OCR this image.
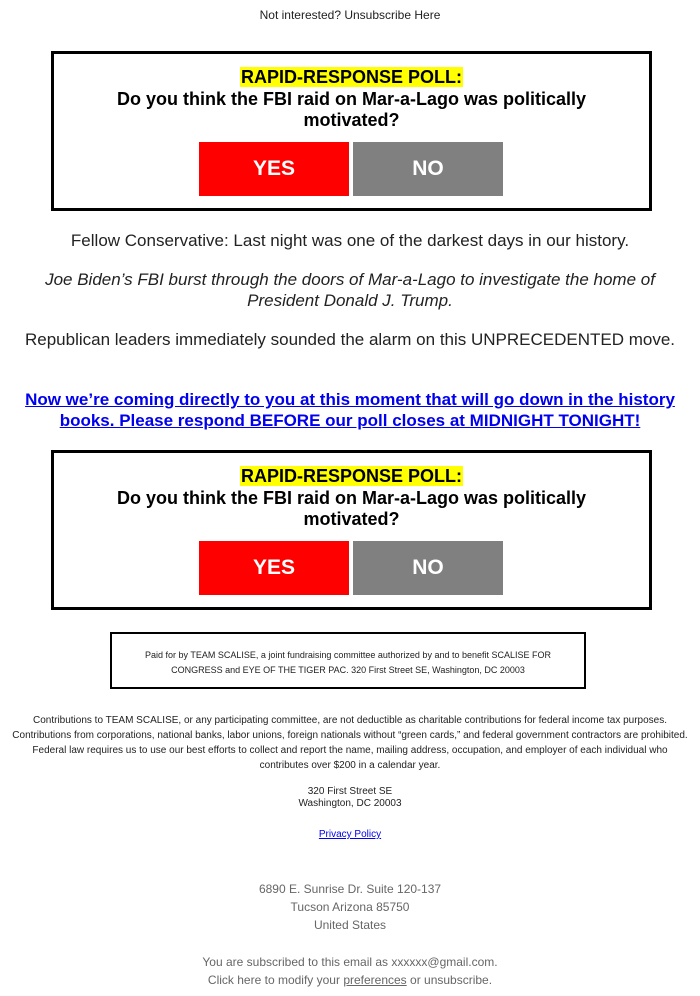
Not interested? Unsubscribe Here
RAPID-RESPONSE POLL:
Do you think the FBI raid on Mar-a-Lago was politically motivated?
YES	NO
Fellow Conservative: Last night was one of the darkest days in our history.
Joe Biden’s FBI burst through the doors of Mar-a-Lago to investigate the home of President Donald J. Trump.
Republican leaders immediately sounded the alarm on this UNPRECEDENTED move.
Now we’re coming directly to you at this moment that will go down in the history books. Please respond BEFORE our poll closes at MIDNIGHT TONIGHT!
RAPID-RESPONSE POLL:
Do you think the FBI raid on Mar-a-Lago was politically motivated?
YES	NO
Paid for by TEAM SCALISE, a joint fundraising committee authorized by and to benefit SCALISE FOR CONGRESS and EYE OF THE TIGER PAC. 320 First Street SE, Washington, DC 20003
Contributions to TEAM SCALISE, or any participating committee, are not deductible as charitable contributions for federal income tax purposes. Contributions from corporations, national banks, labor unions, foreign nationals without “green cards,” and federal government contractors are prohibited. Federal law requires us to use our best efforts to collect and report the name, mailing address, occupation, and employer of each individual who contributes over $200 in a calendar year.
320 First Street SE
Washington, DC 20003
Privacy Policy
6890 E. Sunrise Dr. Suite 120-137
Tucson Arizona 85750
United States
You are subscribed to this email as xxxxxx@gmail.com.
Click here to modify your preferences or unsubscribe.
